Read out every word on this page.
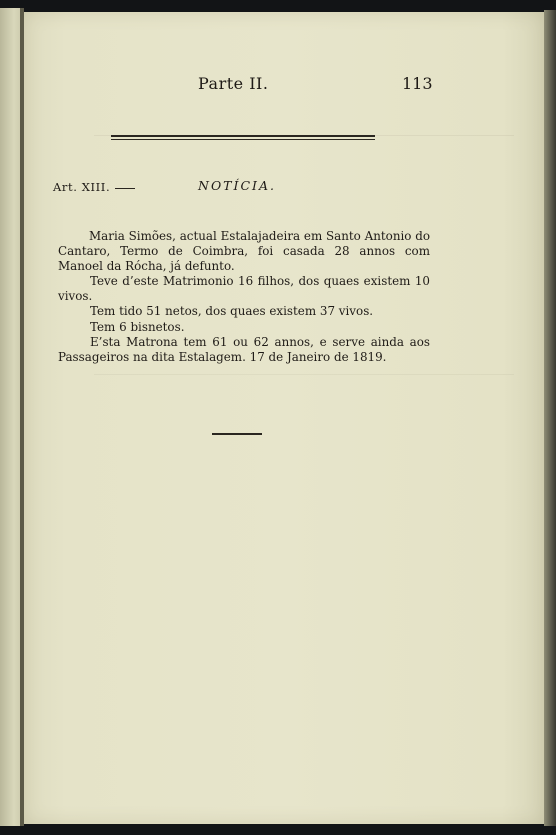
Parte II.	113
Art. XIII.	NOTÍCIA.

Maria Simões, actual Estalajadeira em Santo Antonio do Cantaro, Termo de Coimbra, foi casada 28 annos com Manoel da Rócha, já defunto.

Teve d’este Matrimonio 16 filhos, dos quaes existem 10 vivos.

Tem tido 51 netos, dos quaes existem 37 vivos.

Tem 6 bisnetos.

E’sta Matrona tem 61 ou 62 annos, e serve ainda aos Passageiros na dita Estalagem. 17 de Janeiro de 1819.
